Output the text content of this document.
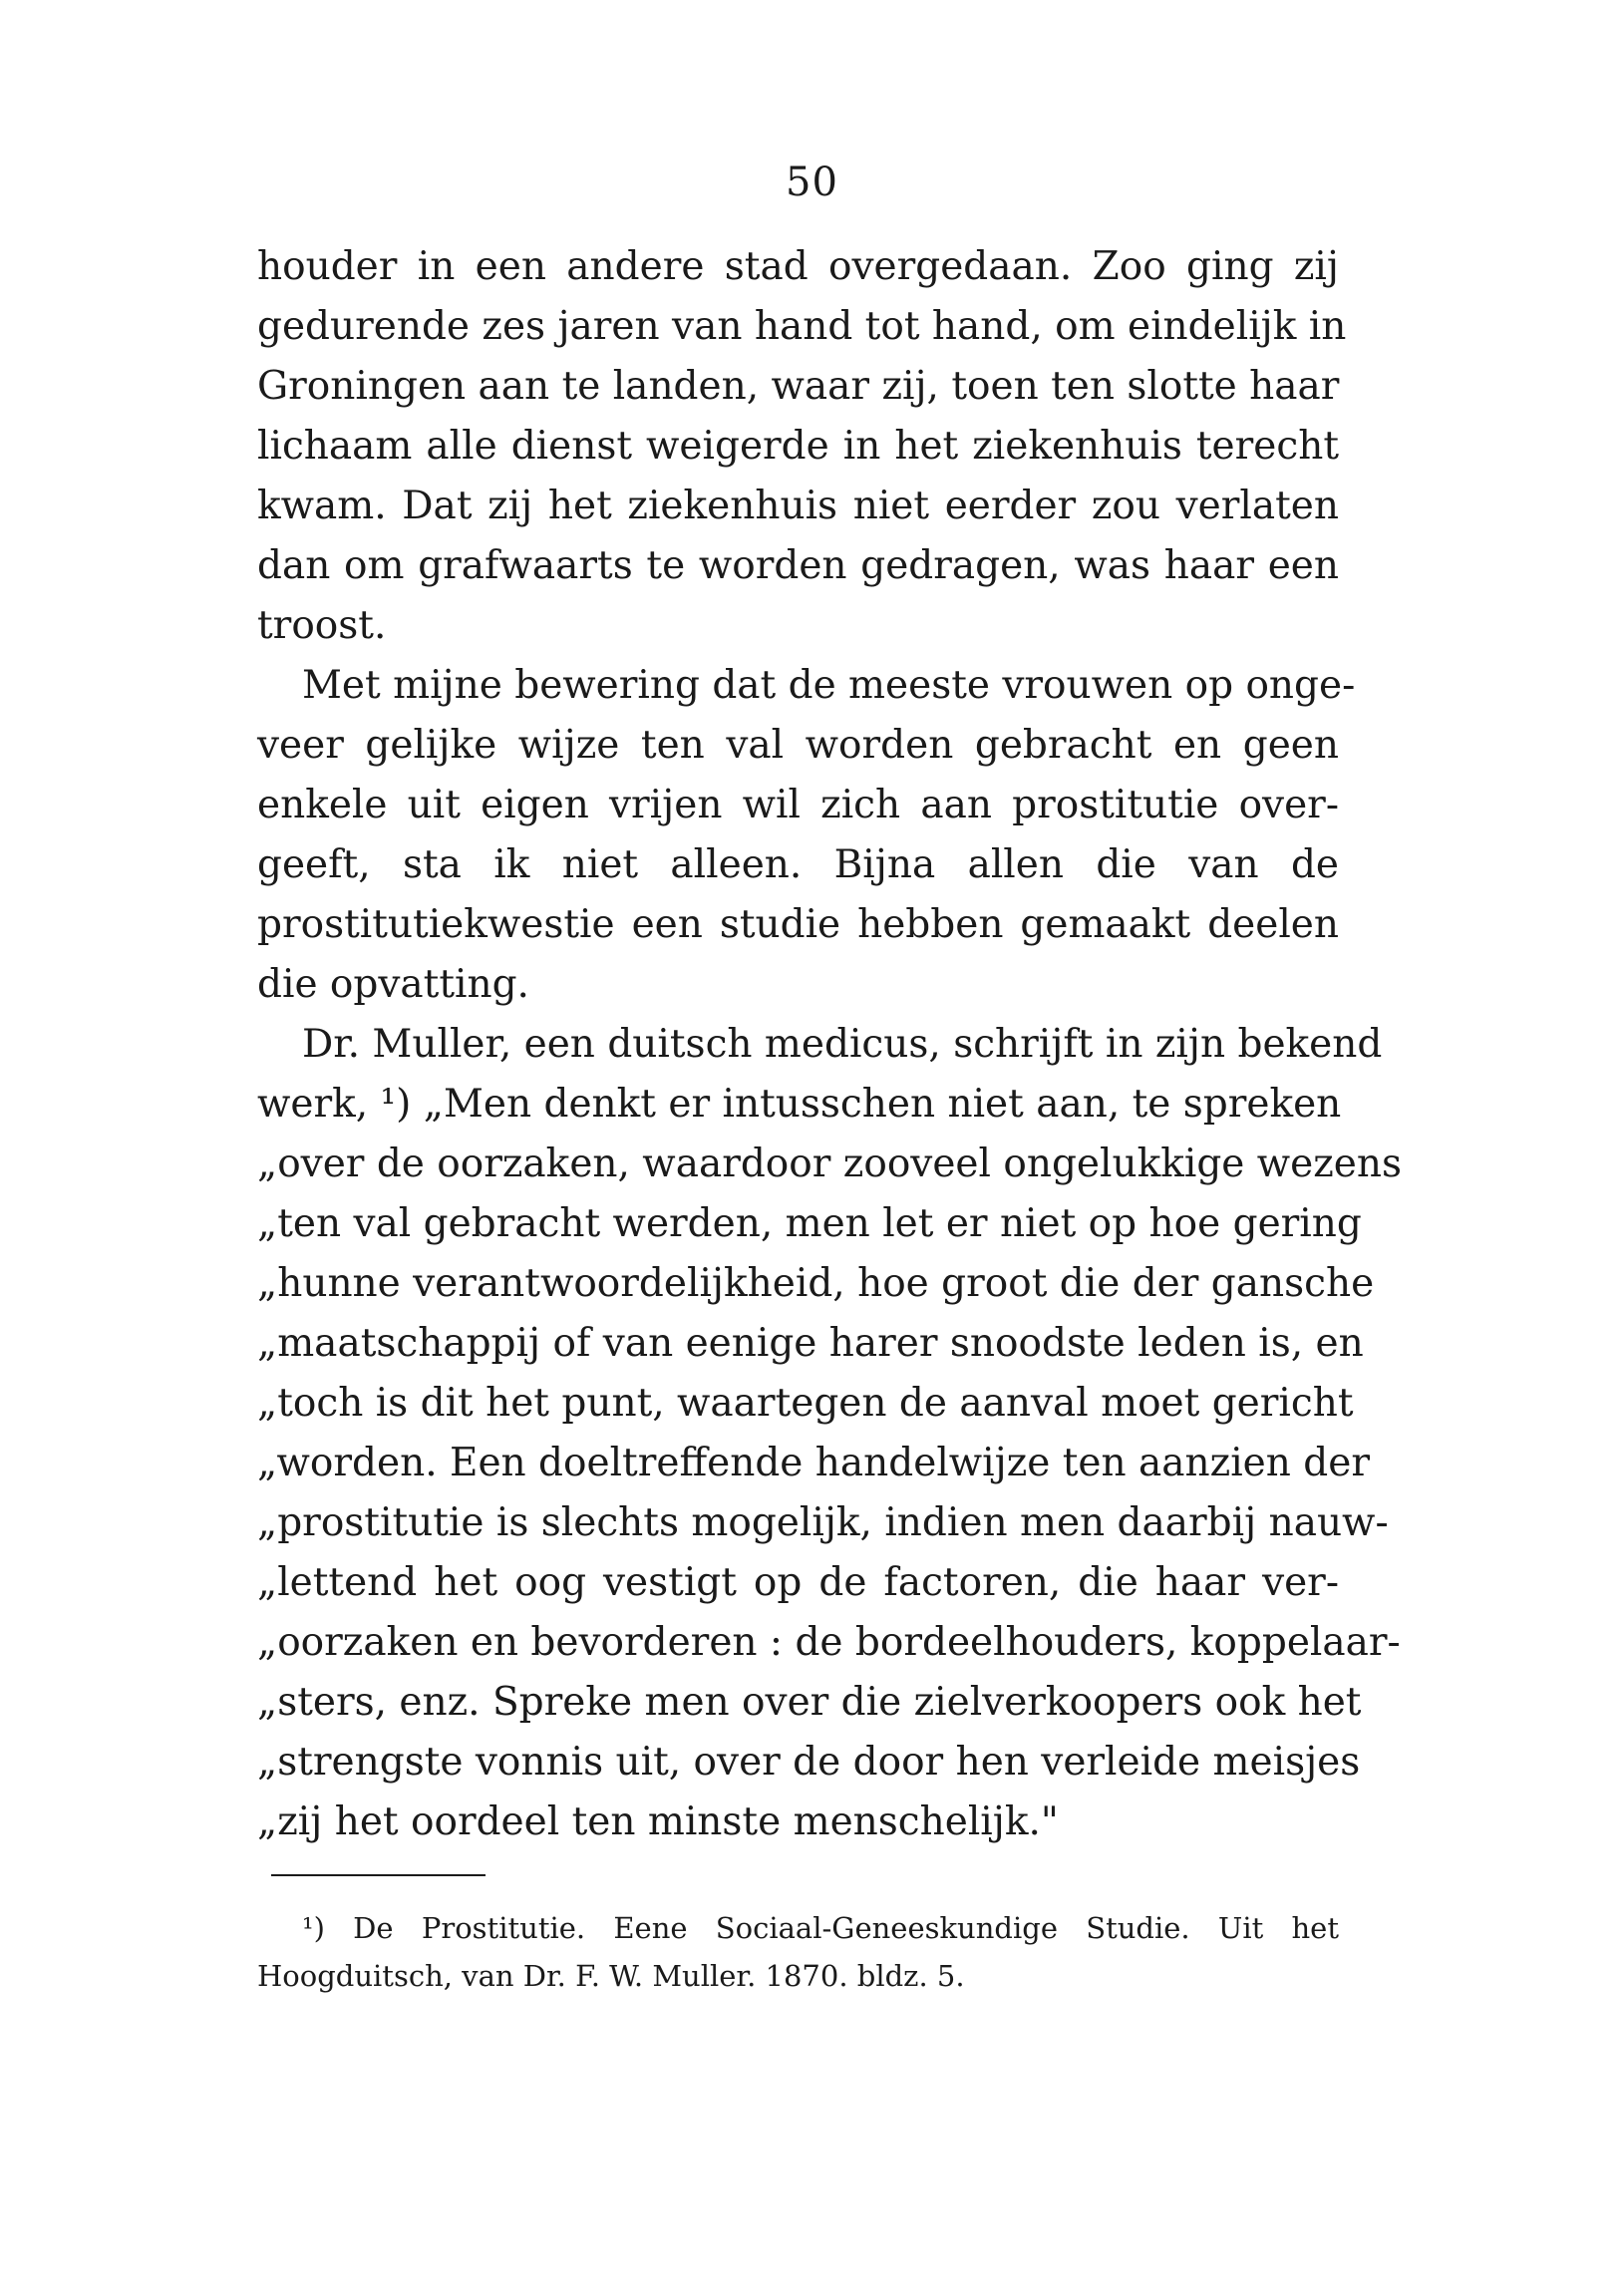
50
houder in een andere stad overgedaan. Zoo ging zij
gedurende zes jaren van hand tot hand, om eindelijk in
Groningen aan te landen, waar zij, toen ten slotte haar
lichaam alle dienst weigerde in het ziekenhuis terecht
kwam. Dat zij het ziekenhuis niet eerder zou verlaten
dan om grafwaarts te worden gedragen, was haar een
troost.
Met mijne bewering dat de meeste vrouwen op onge-
veer gelijke wijze ten val worden gebracht en geen
enkele uit eigen vrijen wil zich aan prostitutie over-
geeft, sta ik niet alleen. Bijna allen die van de
prostitutiekwestie een studie hebben gemaakt deelen
die opvatting.
Dr. Muller, een duitsch medicus, schrijft in zijn bekend
werk, ¹) „Men denkt er intusschen niet aan, te spreken
„over de oorzaken, waardoor zooveel ongelukkige wezens
„ten val gebracht werden, men let er niet op hoe gering
„hunne verantwoordelijkheid, hoe groot die der gansche
„maatschappij of van eenige harer snoodste leden is, en
„toch is dit het punt, waartegen de aanval moet gericht
„worden. Een doeltreffende handelwijze ten aanzien der
„prostitutie is slechts mogelijk, indien men daarbij nauw-
„lettend het oog vestigt op de factoren, die haar ver-
„oorzaken en bevorderen : de bordeelhouders, koppelaar-
„sters, enz. Spreke men over die zielverkoopers ook het
„strengste vonnis uit, over de door hen verleide meisjes
„zij het oordeel ten minste menschelijk."
¹) De Prostitutie. Eene Sociaal-Geneeskundige Studie. Uit het
Hoogduitsch, van Dr. F. W. Muller. 1870. bldz. 5.
